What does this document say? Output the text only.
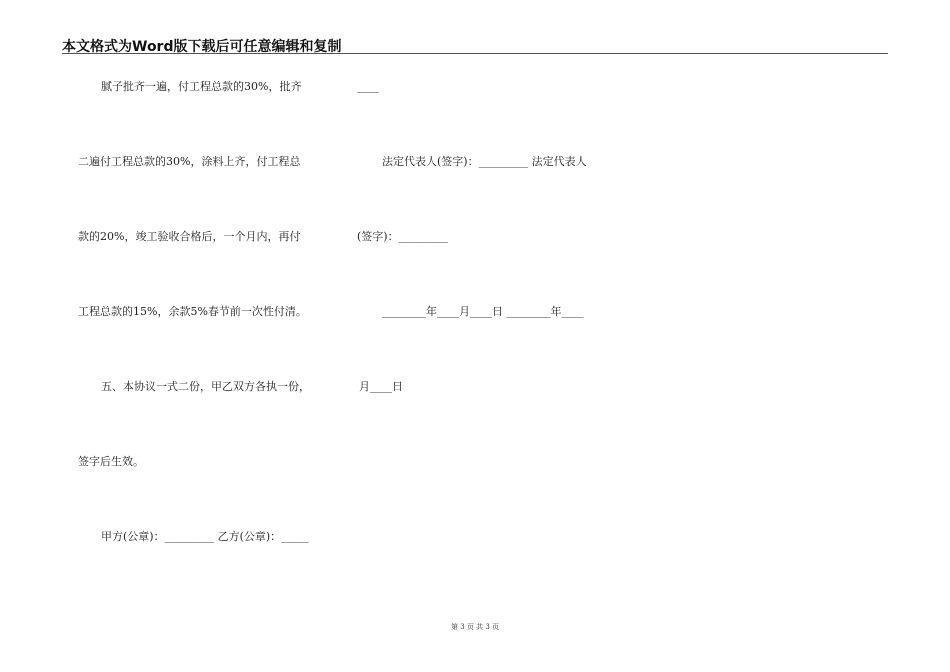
本文格式为Word版下载后可任意编辑和复制
腻子批齐一遍，付工程总款的30%，批齐
二遍付工程总款的30%，涂料上齐，付工程总
款的20%，竣工验收合格后，一个月内，再付
工程总款的15%，余款5%春节前一次性付清。
五、本协议一式二份，甲乙双方各执一份，
签字后生效。
甲方(公章)：_________ 乙方(公章)：_____
____
法定代表人(签字)：_________ 法定代表人
(签字)：_________
________年____月____日 ________年____
月____日
第 3 页 共 3 页
